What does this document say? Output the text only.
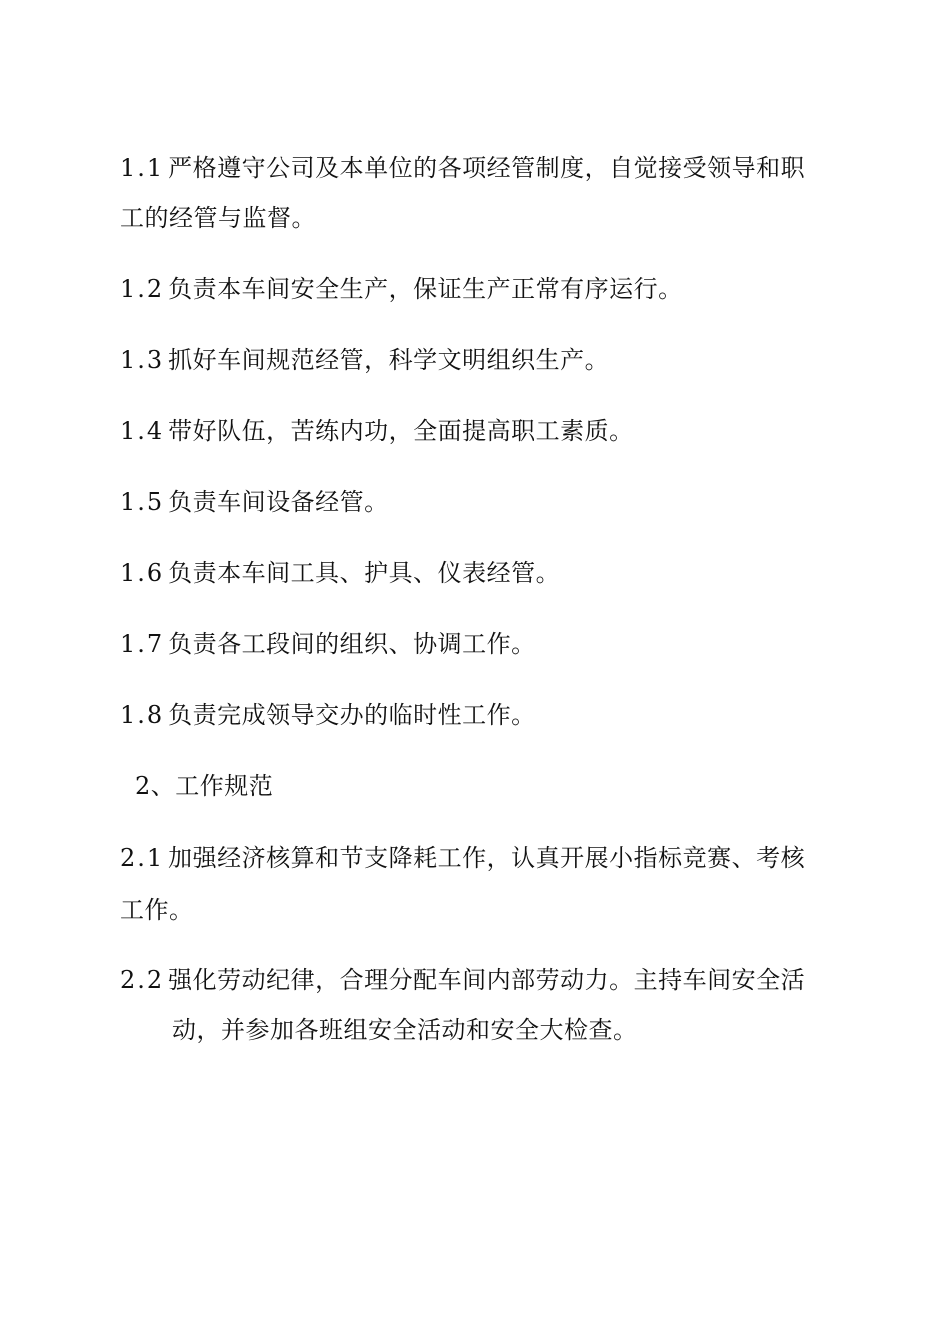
1.1 严格遵守公司及本单位的各项经管制度，自觉接受领导和职
工的经管与监督。
1.2 负责本车间安全生产，保证生产正常有序运行。
1.3 抓好车间规范经管，科学文明组织生产。
1.4 带好队伍，苦练内功，全面提高职工素质。
1.5 负责车间设备经管。
1.6 负责本车间工具、护具、仪表经管。
1.7 负责各工段间的组织、协调工作。
1.8 负责完成领导交办的临时性工作。
2、工作规范
2.1 加强经济核算和节支降耗工作，认真开展小指标竞赛、考核
工作。
2.2 强化劳动纪律，合理分配车间内部劳动力。主持车间安全活
动，并参加各班组安全活动和安全大检查。
